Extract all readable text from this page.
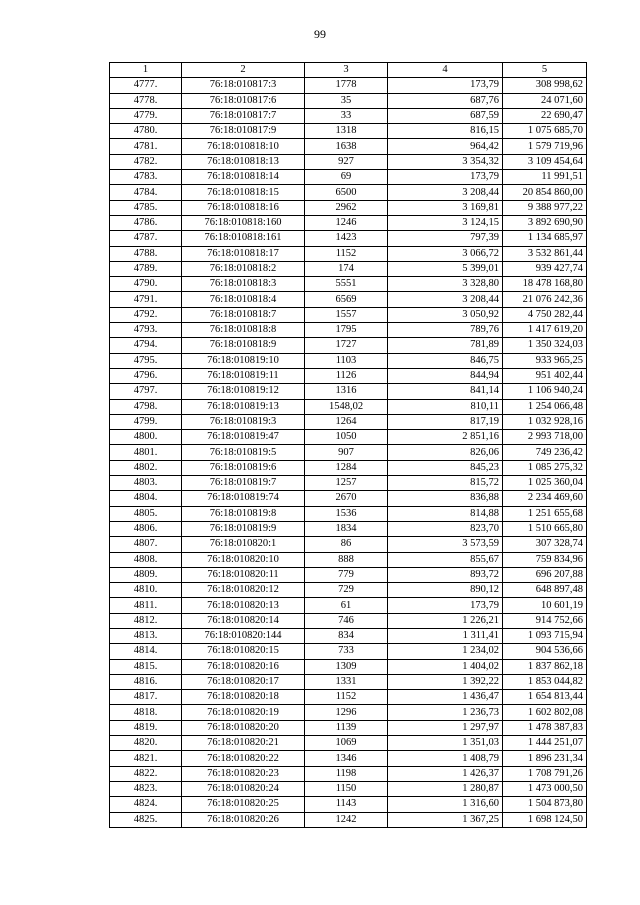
99
1	2	3	4	5
4777.	76:18:010817:3	1778	173,79	308 998,62
4778.	76:18:010817:6	35	687,76	24 071,60
4779.	76:18:010817:7	33	687,59	22 690,47
4780.	76:18:010817:9	1318	816,15	1 075 685,70
4781.	76:18:010818:10	1638	964,42	1 579 719,96
4782.	76:18:010818:13	927	3 354,32	3 109 454,64
4783.	76:18:010818:14	69	173,79	11 991,51
4784.	76:18:010818:15	6500	3 208,44	20 854 860,00
4785.	76:18:010818:16	2962	3 169,81	9 388 977,22
4786.	76:18:010818:160	1246	3 124,15	3 892 690,90
4787.	76:18:010818:161	1423	797,39	1 134 685,97
4788.	76:18:010818:17	1152	3 066,72	3 532 861,44
4789.	76:18:010818:2	174	5 399,01	939 427,74
4790.	76:18:010818:3	5551	3 328,80	18 478 168,80
4791.	76:18:010818:4	6569	3 208,44	21 076 242,36
4792.	76:18:010818:7	1557	3 050,92	4 750 282,44
4793.	76:18:010818:8	1795	789,76	1 417 619,20
4794.	76:18:010818:9	1727	781,89	1 350 324,03
4795.	76:18:010819:10	1103	846,75	933 965,25
4796.	76:18:010819:11	1126	844,94	951 402,44
4797.	76:18:010819:12	1316	841,14	1 106 940,24
4798.	76:18:010819:13	1548,02	810,11	1 254 066,48
4799.	76:18:010819:3	1264	817,19	1 032 928,16
4800.	76:18:010819:47	1050	2 851,16	2 993 718,00
4801.	76:18:010819:5	907	826,06	749 236,42
4802.	76:18:010819:6	1284	845,23	1 085 275,32
4803.	76:18:010819:7	1257	815,72	1 025 360,04
4804.	76:18:010819:74	2670	836,88	2 234 469,60
4805.	76:18:010819:8	1536	814,88	1 251 655,68
4806.	76:18:010819:9	1834	823,70	1 510 665,80
4807.	76:18:010820:1	86	3 573,59	307 328,74
4808.	76:18:010820:10	888	855,67	759 834,96
4809.	76:18:010820:11	779	893,72	696 207,88
4810.	76:18:010820:12	729	890,12	648 897,48
4811.	76:18:010820:13	61	173,79	10 601,19
4812.	76:18:010820:14	746	1 226,21	914 752,66
4813.	76:18:010820:144	834	1 311,41	1 093 715,94
4814.	76:18:010820:15	733	1 234,02	904 536,66
4815.	76:18:010820:16	1309	1 404,02	1 837 862,18
4816.	76:18:010820:17	1331	1 392,22	1 853 044,82
4817.	76:18:010820:18	1152	1 436,47	1 654 813,44
4818.	76:18:010820:19	1296	1 236,73	1 602 802,08
4819.	76:18:010820:20	1139	1 297,97	1 478 387,83
4820.	76:18:010820:21	1069	1 351,03	1 444 251,07
4821.	76:18:010820:22	1346	1 408,79	1 896 231,34
4822.	76:18:010820:23	1198	1 426,37	1 708 791,26
4823.	76:18:010820:24	1150	1 280,87	1 473 000,50
4824.	76:18:010820:25	1143	1 316,60	1 504 873,80
4825.	76:18:010820:26	1242	1 367,25	1 698 124,50
